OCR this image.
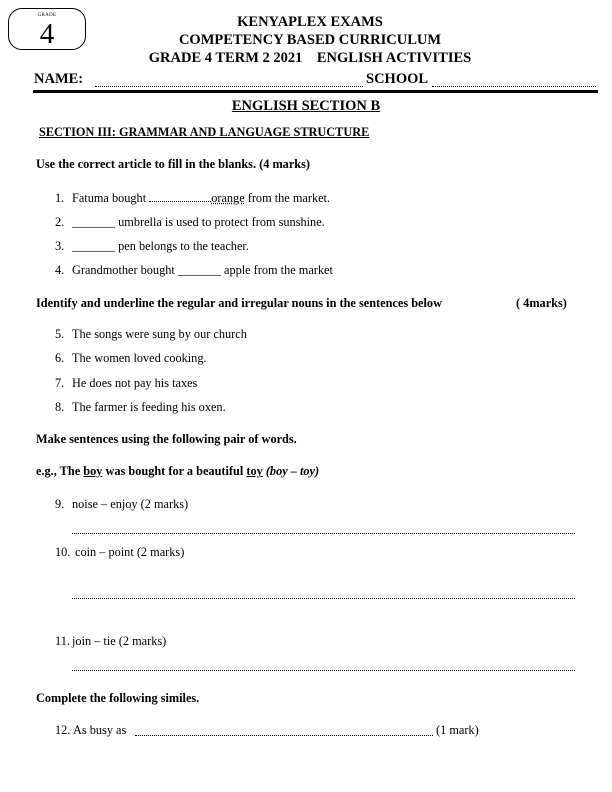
GRADE
4	KENYAPLEX EXAMS
COMPETENCY BASED CURRICULUM
GRADE 4 TERM 2 2021    ENGLISH ACTIVITIES
NAME:	SCHOOL
ENGLISH SECTION B
SECTION III: GRAMMAR AND LANGUAGE STRUCTURE
Use the correct article to fill in the blanks. (4 marks)
1. Fatuma bought	orange from the market.
2. _______ umbrella is used to protect from sunshine.
3. _______ pen belongs to the teacher.
4. Grandmother bought _______ apple from the market
Identify and underline the regular and irregular nouns in the sentences below	( 4marks)
5. The songs were sung by our church
6. The women loved cooking.
7. He does not pay his taxes
8. The farmer is feeding his oxen.
Make sentences using the following pair of words.
e.g., The boy was bought for a beautiful toy (boy – toy)
9. noise – enjoy (2 marks)
10. coin – point (2 marks)
11. join – tie (2 marks)
Complete the following similes.
12. As busy as	(1 mark)
